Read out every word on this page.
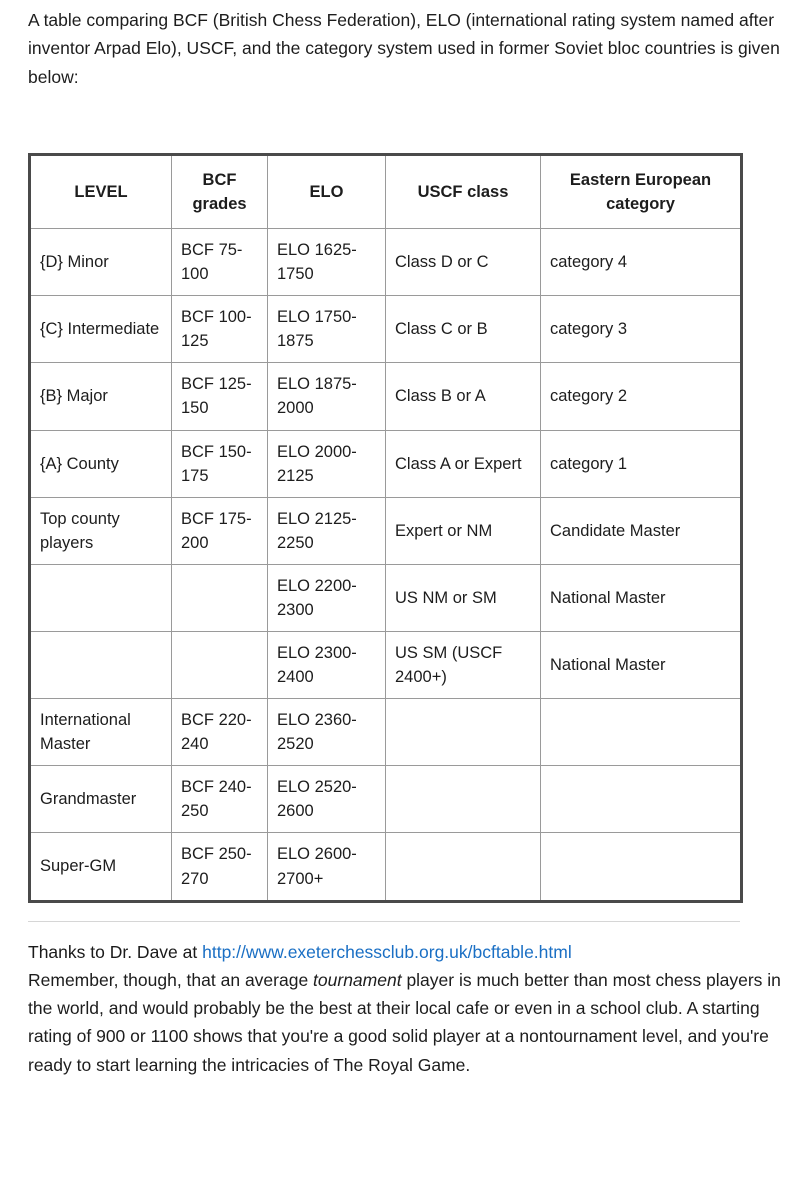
A table comparing BCF (British Chess Federation), ELO (international rating system named after inventor Arpad Elo), USCF, and the category system used in former Soviet bloc countries is given below:

LEVEL	BCF grades	ELO	USCF class	Eastern European category
{D} Minor	BCF 75-100	ELO 1625-1750	Class D or C	category 4
{C} Intermediate	BCF 100-125	ELO 1750-1875	Class C or B	category 3
{B} Major	BCF 125-150	ELO 1875-2000	Class B or A	category 2
{A} County	BCF 150-175	ELO 2000-2125	Class A or Expert	category 1
Top county players	BCF 175-200	ELO 2125-2250	Expert or NM	Candidate Master
		ELO 2200-2300	US NM or SM	National Master
		ELO 2300-2400	US SM (USCF 2400+)	National Master
International Master	BCF 220-240	ELO 2360-2520		
Grandmaster	BCF 240-250	ELO 2520-2600		
Super-GM	BCF 250-270	ELO 2600-2700+		

Thanks to Dr. Dave at http://www.exeterchessclub.org.uk/bcftable.html

Remember, though, that an average tournament player is much better than most chess players in the world, and would probably be the best at their local cafe or even in a school club. A starting rating of 900 or 1100 shows that you're a good solid player at a nontournament level, and you're ready to start learning the intricacies of The Royal Game.
